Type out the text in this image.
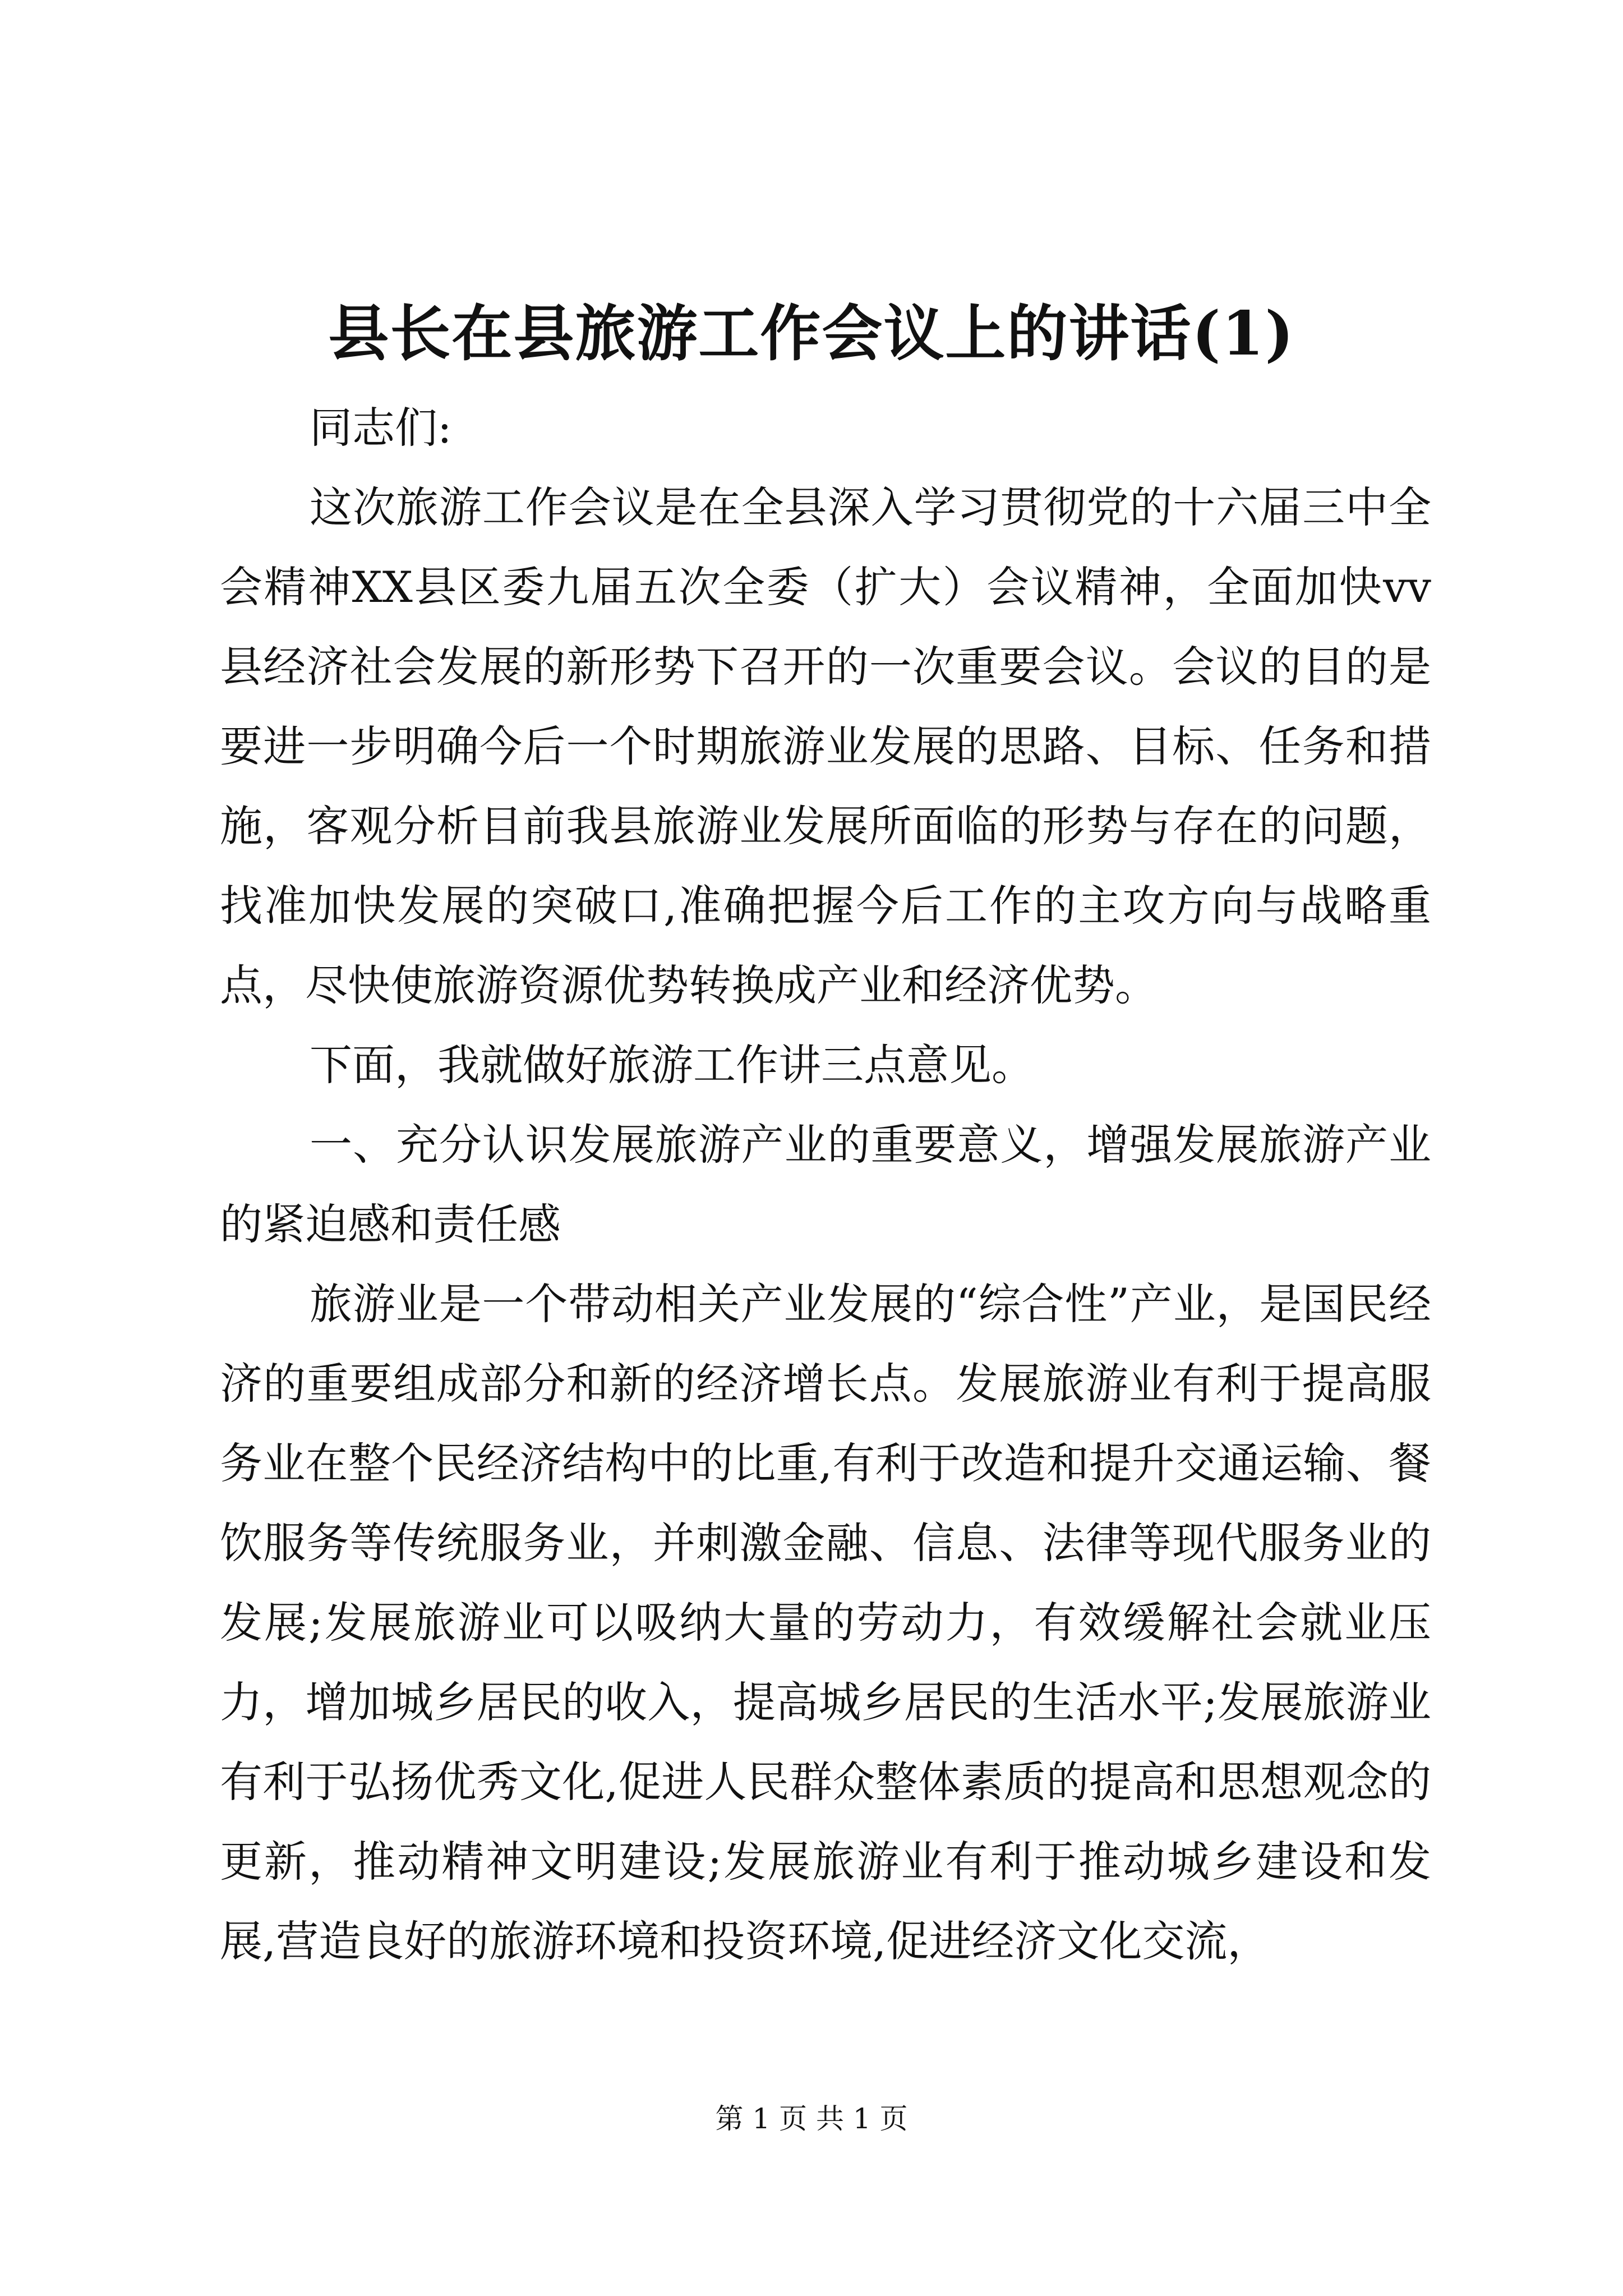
县长在县旅游工作会议上的讲话(1)

同志们:

这次旅游工作会议是在全县深入学习贯彻党的十六届三中全会精神XX县区委九届五次全委（扩大）会议精神，全面加快vv县经济社会发展的新形势下召开的一次重要会议。会议的目的是要进一步明确今后一个时期旅游业发展的思路、目标、任务和措施，客观分析目前我县旅游业发展所面临的形势与存在的问题，找准加快发展的突破口,准确把握今后工作的主攻方向与战略重点，尽快使旅游资源优势转换成产业和经济优势。

下面，我就做好旅游工作讲三点意见。

一、充分认识发展旅游产业的重要意义，增强发展旅游产业的紧迫感和责任感

旅游业是一个带动相关产业发展的“综合性”产业，是国民经济的重要组成部分和新的经济增长点。发展旅游业有利于提高服务业在整个民经济结构中的比重,有利于改造和提升交通运输、餐饮服务等传统服务业，并刺激金融、信息、法律等现代服务业的发展;发展旅游业可以吸纳大量的劳动力，有效缓解社会就业压力，增加城乡居民的收入，提高城乡居民的生活水平;发展旅游业有利于弘扬优秀文化,促进人民群众整体素质的提高和思想观念的更新，推动精神文明建设;发展旅游业有利于推动城乡建设和发展,营造良好的旅游环境和投资环境,促进经济文化交流，

第 1 页 共 1 页
